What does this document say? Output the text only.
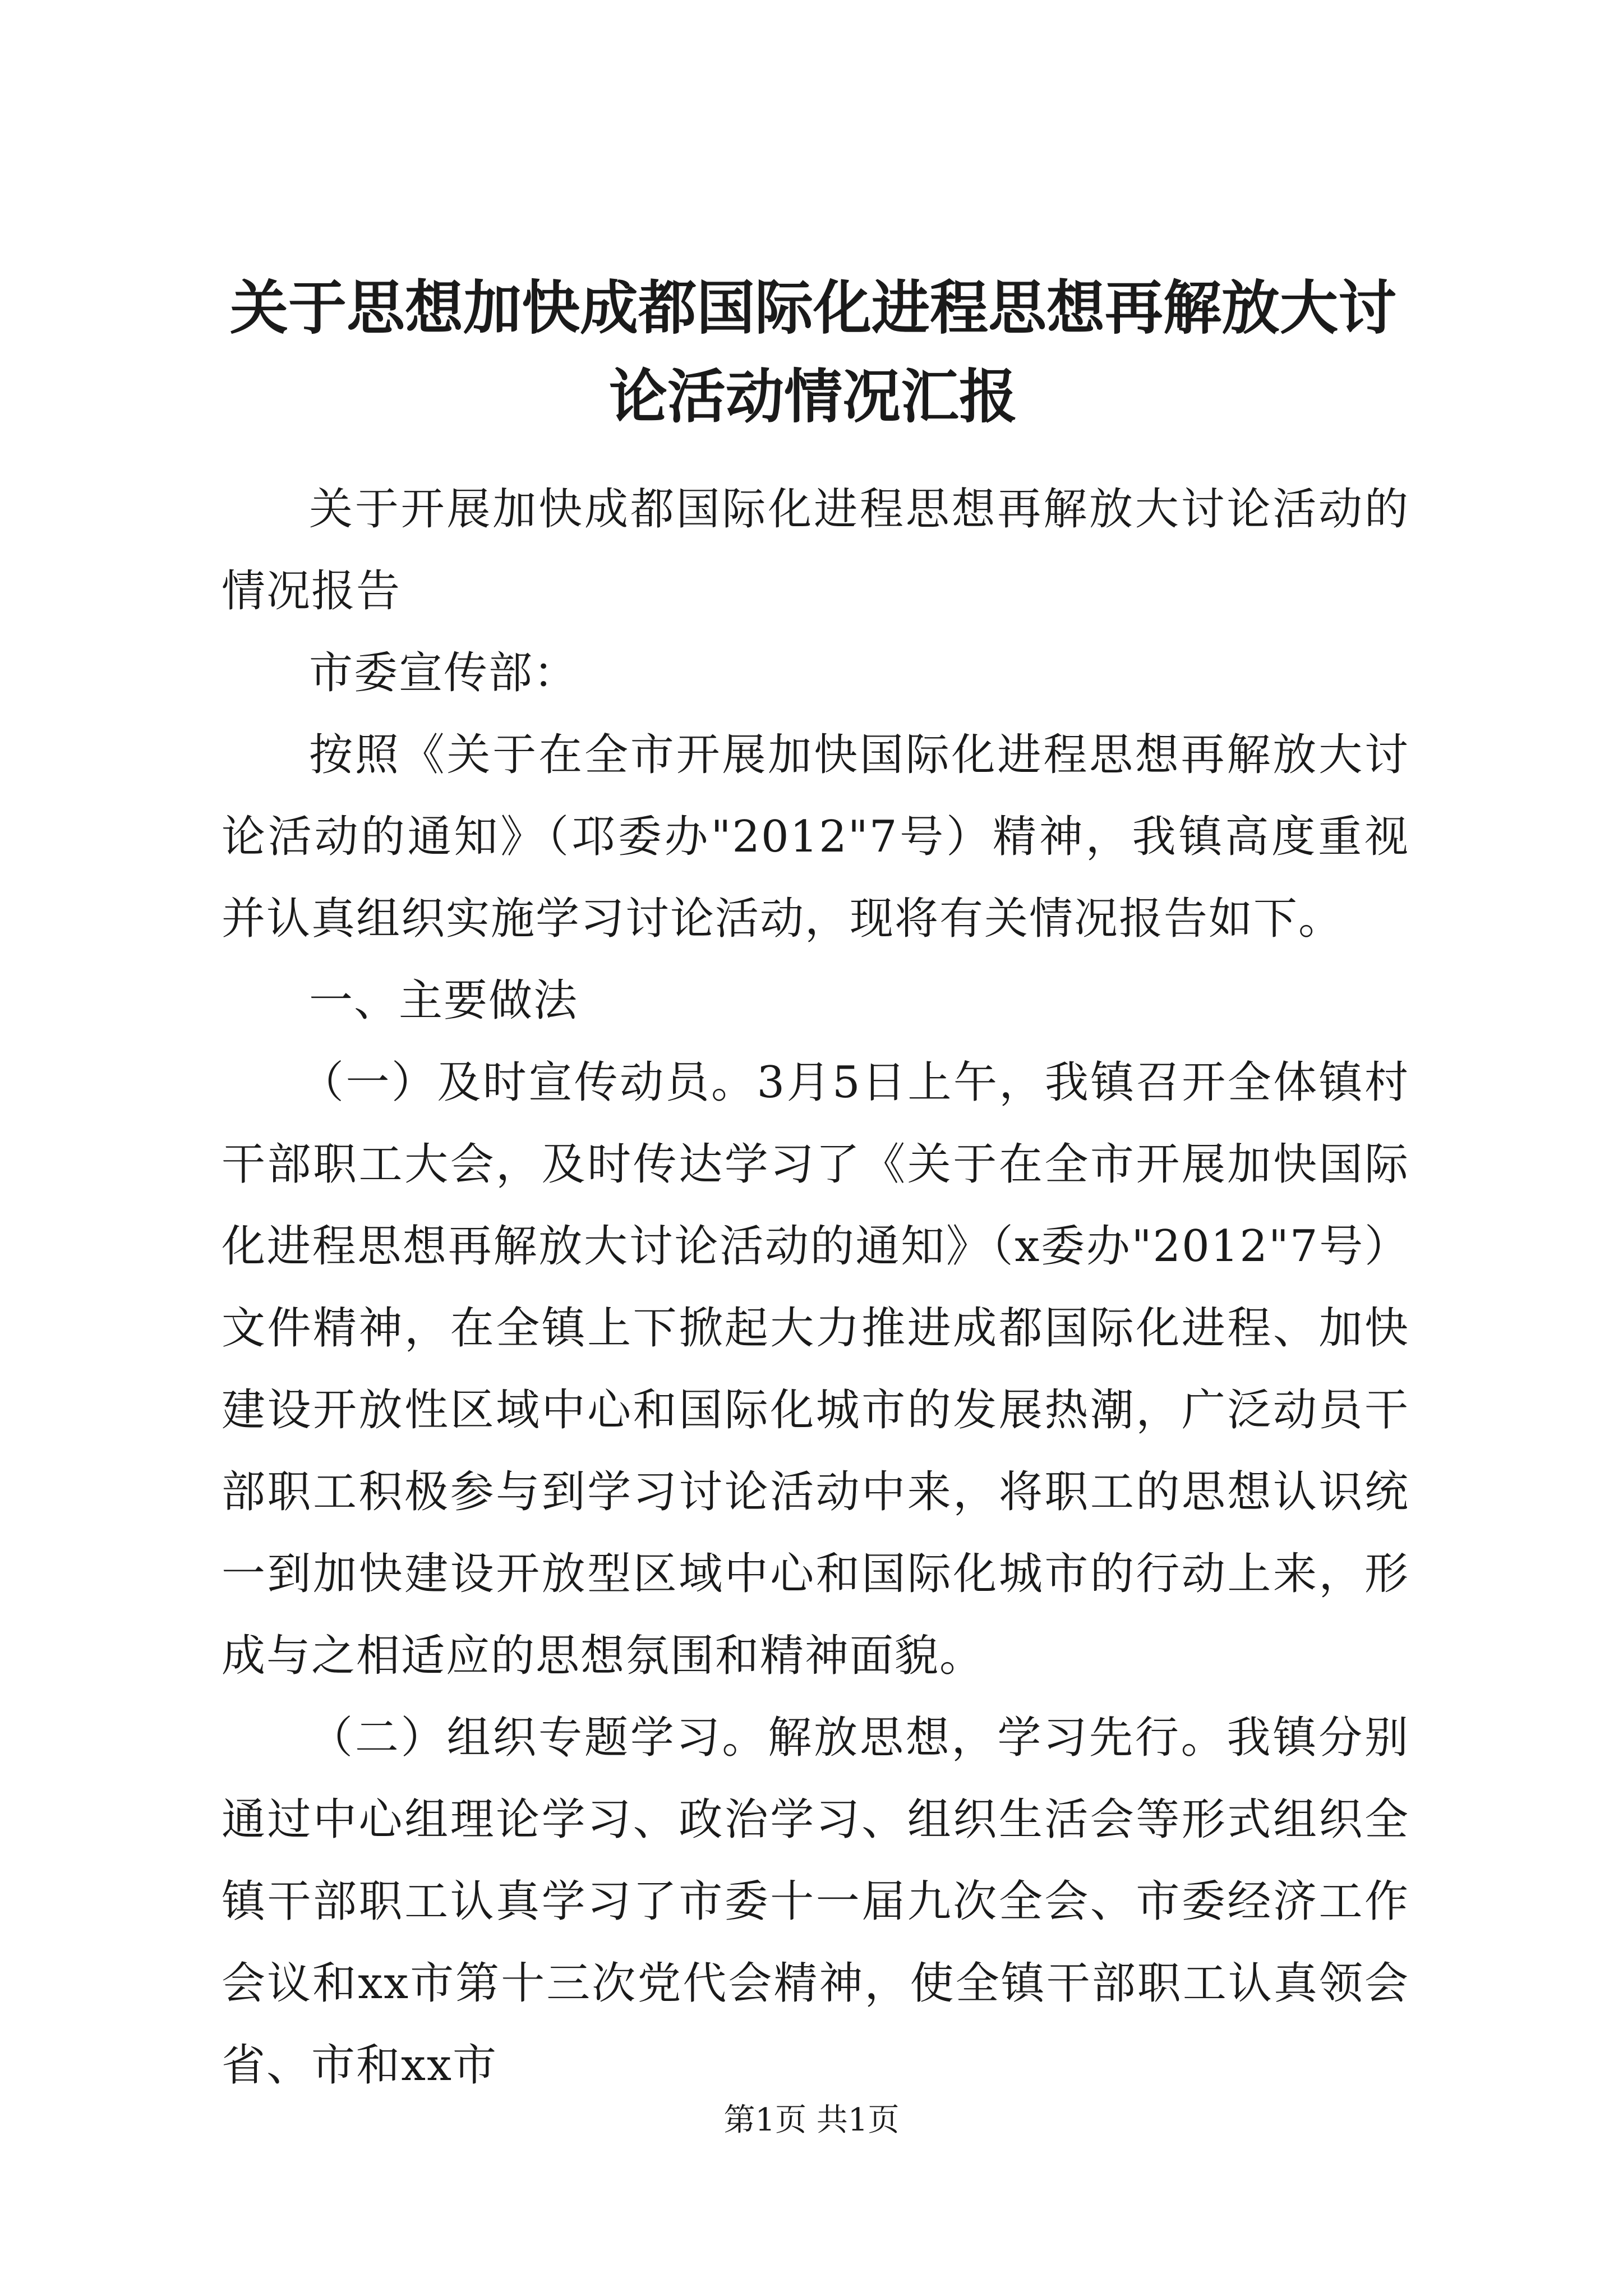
关于思想加快成都国际化进程思想再解放大讨论活动情况汇报

关于开展加快成都国际化进程思想再解放大讨论活动的情况报告

市委宣传部：

按照《关于在全市开展加快国际化进程思想再解放大讨论活动的通知》（邛委办"2012"7号）精神，我镇高度重视并认真组织实施学习讨论活动，现将有关情况报告如下。

一、主要做法

（一）及时宣传动员。3月5日上午，我镇召开全体镇村干部职工大会，及时传达学习了《关于在全市开展加快国际化进程思想再解放大讨论活动的通知》（x委办"2012"7号）文件精神，在全镇上下掀起大力推进成都国际化进程、加快建设开放性区域中心和国际化城市的发展热潮，广泛动员干部职工积极参与到学习讨论活动中来，将职工的思想认识统一到加快建设开放型区域中心和国际化城市的行动上来，形成与之相适应的思想氛围和精神面貌。

（二）组织专题学习。解放思想，学习先行。我镇分别通过中心组理论学习、政治学习、组织生活会等形式组织全镇干部职工认真学习了市委十一届九次全会、市委经济工作会议和xx市第十三次党代会精神，使全镇干部职工认真领会省、市和xx市

第1页 共1页
